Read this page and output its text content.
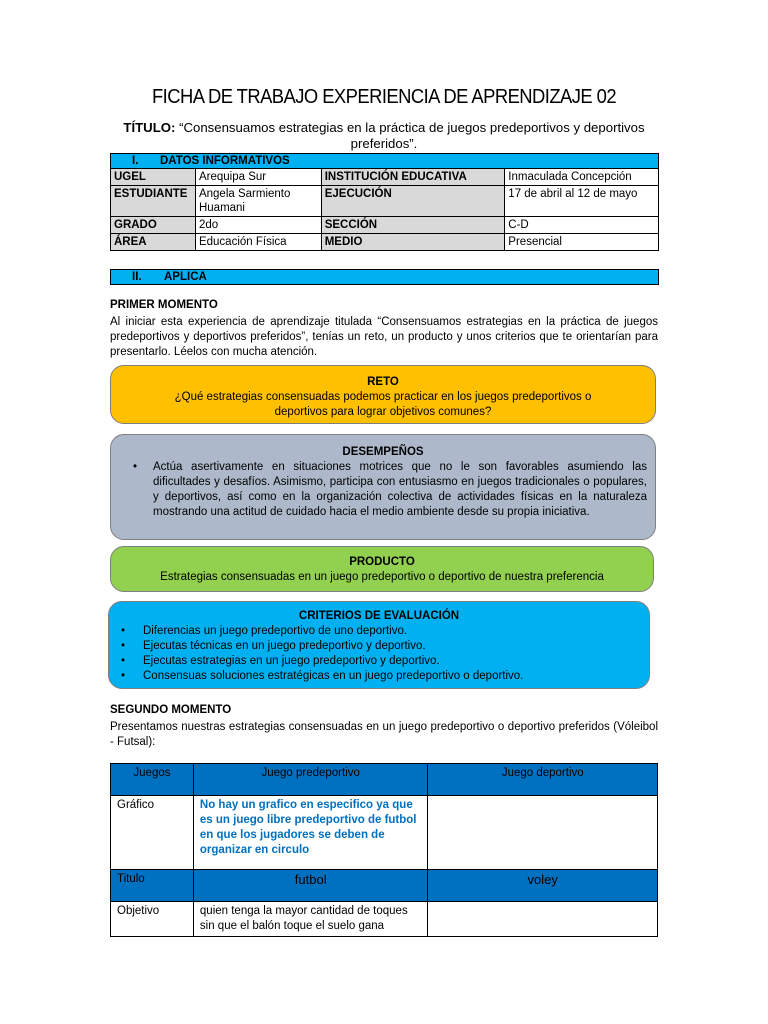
FICHA DE TRABAJO EXPERIENCIA DE APRENDIZAJE 02
TÍTULO: “Consensuamos estrategias en la práctica de juegos predeportivos y deportivos preferidos”.
I. DATOS INFORMATIVOS			
UGEL	Arequipa Sur	INSTITUCIÓN EDUCATIVA	Inmaculada Concepción
ESTUDIANTE	Angela Sarmiento Huamani	EJECUCIÓN	17 de abril al 12 de mayo
GRADO	2do	SECCIÓN	C-D
ÁREA	Educación Física	MEDIO	Presencial
II. APLICA
PRIMER MOMENTO
Al iniciar esta experiencia de aprendizaje titulada “Consensuamos estrategias en la práctica de juegos predeportivos y deportivos preferidos”, tenías un reto, un producto y unos criterios que te orientarían para presentarlo. Léelos con mucha atención.
RETO
¿Qué estrategias consensuadas podemos practicar en los juegos predeportivos o deportivos para lograr objetivos comunes?
DESEMPEÑOS
• Actúa asertivamente en situaciones motrices que no le son favorables asumiendo las dificultades y desafíos. Asimismo, participa con entusiasmo en juegos tradicionales o populares, y deportivos, así como en la organización colectiva de actividades físicas en la naturaleza mostrando una actitud de cuidado hacia el medio ambiente desde su propia iniciativa.
PRODUCTO
Estrategias consensuadas en un juego predeportivo o deportivo de nuestra preferencia
CRITERIOS DE EVALUACIÓN
• Diferencias un juego predeportivo de uno deportivo.
• Ejecutas técnicas en un juego predeportivo y deportivo.
• Ejecutas estrategias en un juego predeportivo y deportivo.
• Consensuas soluciones estratégicas en un juego predeportivo o deportivo.
SEGUNDO MOMENTO
Presentamos nuestras estrategias consensuadas en un juego predeportivo o deportivo preferidos (Vóleibol - Futsal):
Juegos	Juego predeportivo	Juego deportivo
Gráfico	No hay un grafico en especifico ya que es un juego libre predeportivo de futbol en que los jugadores se deben de organizar en circulo	
Titulo	futbol	voley
Objetivo	quien tenga la mayor cantidad de toques sin que el balón toque el suelo gana	
